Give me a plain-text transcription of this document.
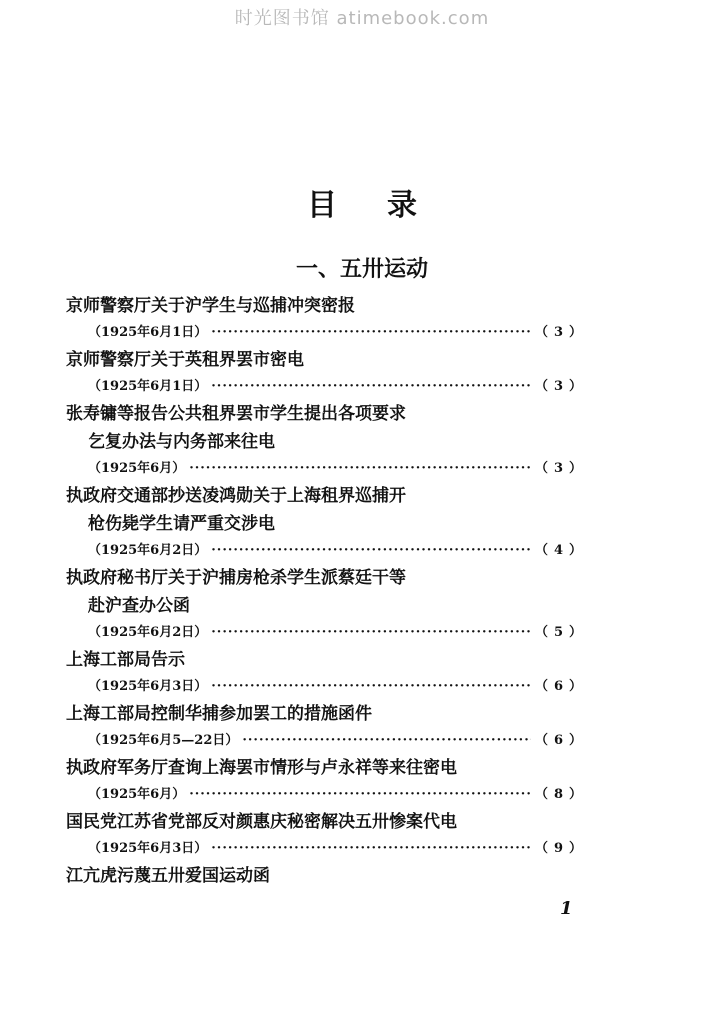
时光图书馆 atimebook.com
目录
一、五卅运动
京师警察厅关于沪学生与巡捕冲突密报
（1925年6月1日） ·····	（3）
京师警察厅关于英租界罢市密电
（1925年6月1日） ·····	（3）
张寿镛等报告公共租界罢市学生提出各项要求
乞复办法与内务部来往电
（1925年6月） ·····	（3）
执政府交通部抄送凌鸿勋关于上海租界巡捕开
枪伤毙学生请严重交涉电
（1925年6月2日） ·····	（4）
执政府秘书厅关于沪捕房枪杀学生派蔡廷干等
赴沪查办公函
（1925年6月2日） ·····	（5）
上海工部局告示
（1925年6月3日） ·····	（6）
上海工部局控制华捕参加罢工的措施函件
（1925年6月5—22日） ·····	（6）
执政府军务厅查询上海罢市情形与卢永祥等来往密电
（1925年6月） ·····	（8）
国民党江苏省党部反对颜惠庆秘密解决五卅惨案代电
（1925年6月3日） ·····	（9）
江亢虎污蔑五卅爱国运动函
1
